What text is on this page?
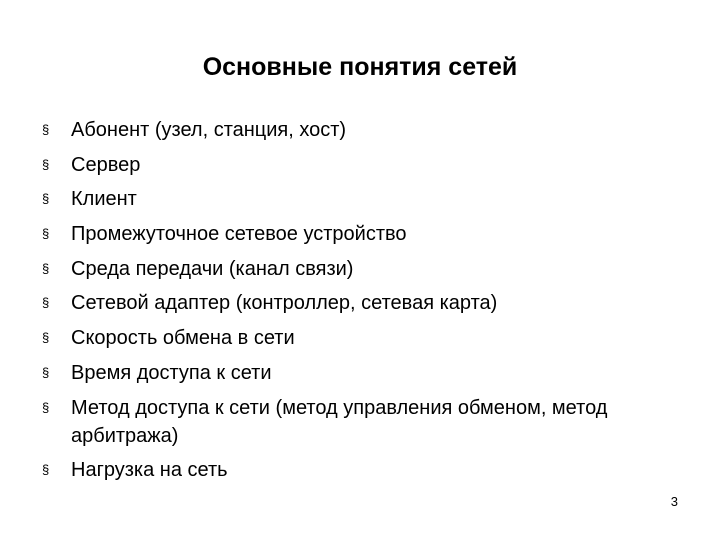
Основные понятия сетей
§ Абонент (узел, станция, хост)
§ Сервер
§ Клиент
§ Промежуточное сетевое устройство
§ Среда передачи (канал связи)
§ Сетевой адаптер (контроллер, сетевая карта)
§ Скорость обмена в сети
§ Время доступа к сети
§ Метод доступа к сети (метод управления обменом, метод арбитража)
§ Нагрузка на сеть
3
